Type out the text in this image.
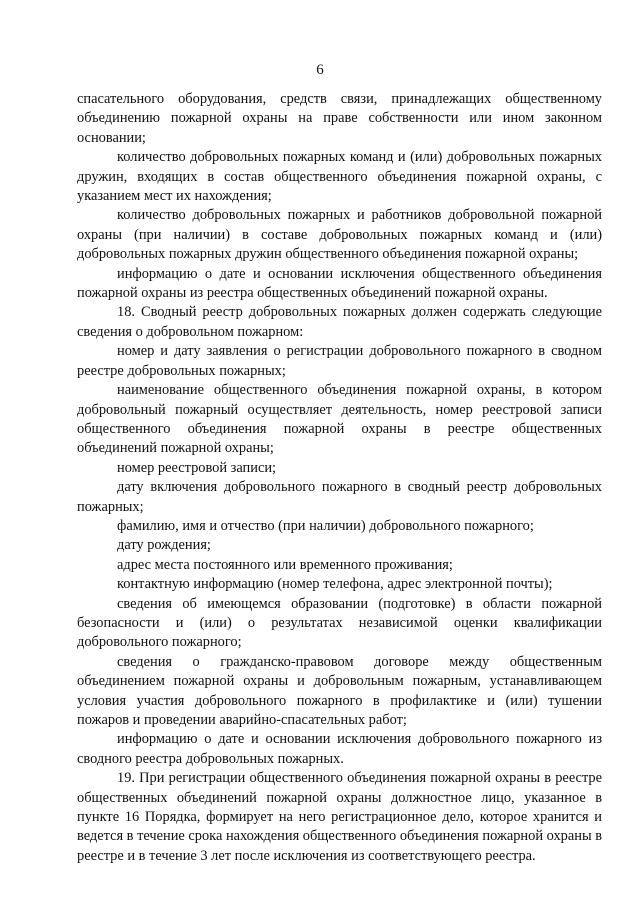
6

спасательного оборудования, средств связи, принадлежащих общественному объединению пожарной охраны на праве собственности или ином законном основании;

количество добровольных пожарных команд и (или) добровольных пожарных дружин, входящих в состав общественного объединения пожарной охраны, с указанием мест их нахождения;

количество добровольных пожарных и работников добровольной пожарной охраны (при наличии) в составе добровольных пожарных команд и (или) добровольных пожарных дружин общественного объединения пожарной охраны;

информацию о дате и основании исключения общественного объединения пожарной охраны из реестра общественных объединений пожарной охраны.

18. Сводный реестр добровольных пожарных должен содержать следующие сведения о добровольном пожарном:

номер и дату заявления о регистрации добровольного пожарного в сводном реестре добровольных пожарных;

наименование общественного объединения пожарной охраны, в котором добровольный пожарный осуществляет деятельность, номер реестровой записи общественного объединения пожарной охраны в реестре общественных объединений пожарной охраны;

номер реестровой записи;

дату включения добровольного пожарного в сводный реестр добровольных пожарных;

фамилию, имя и отчество (при наличии) добровольного пожарного;

дату рождения;

адрес места постоянного или временного проживания;

контактную информацию (номер телефона, адрес электронной почты);

сведения об имеющемся образовании (подготовке) в области пожарной безопасности и (или) о результатах независимой оценки квалификации добровольного пожарного;

сведения о гражданско-правовом договоре между общественным объединением пожарной охраны и добровольным пожарным, устанавливающем условия участия добровольного пожарного в профилактике и (или) тушении пожаров и проведении аварийно-спасательных работ;

информацию о дате и основании исключения добровольного пожарного из сводного реестра добровольных пожарных.

19. При регистрации общественного объединения пожарной охраны в реестре общественных объединений пожарной охраны должностное лицо, указанное в пункте 16 Порядка, формирует на него регистрационное дело, которое хранится и ведется в течение срока нахождения общественного объединения пожарной охраны в реестре и в течение 3 лет после исключения из соответствующего реестра.
